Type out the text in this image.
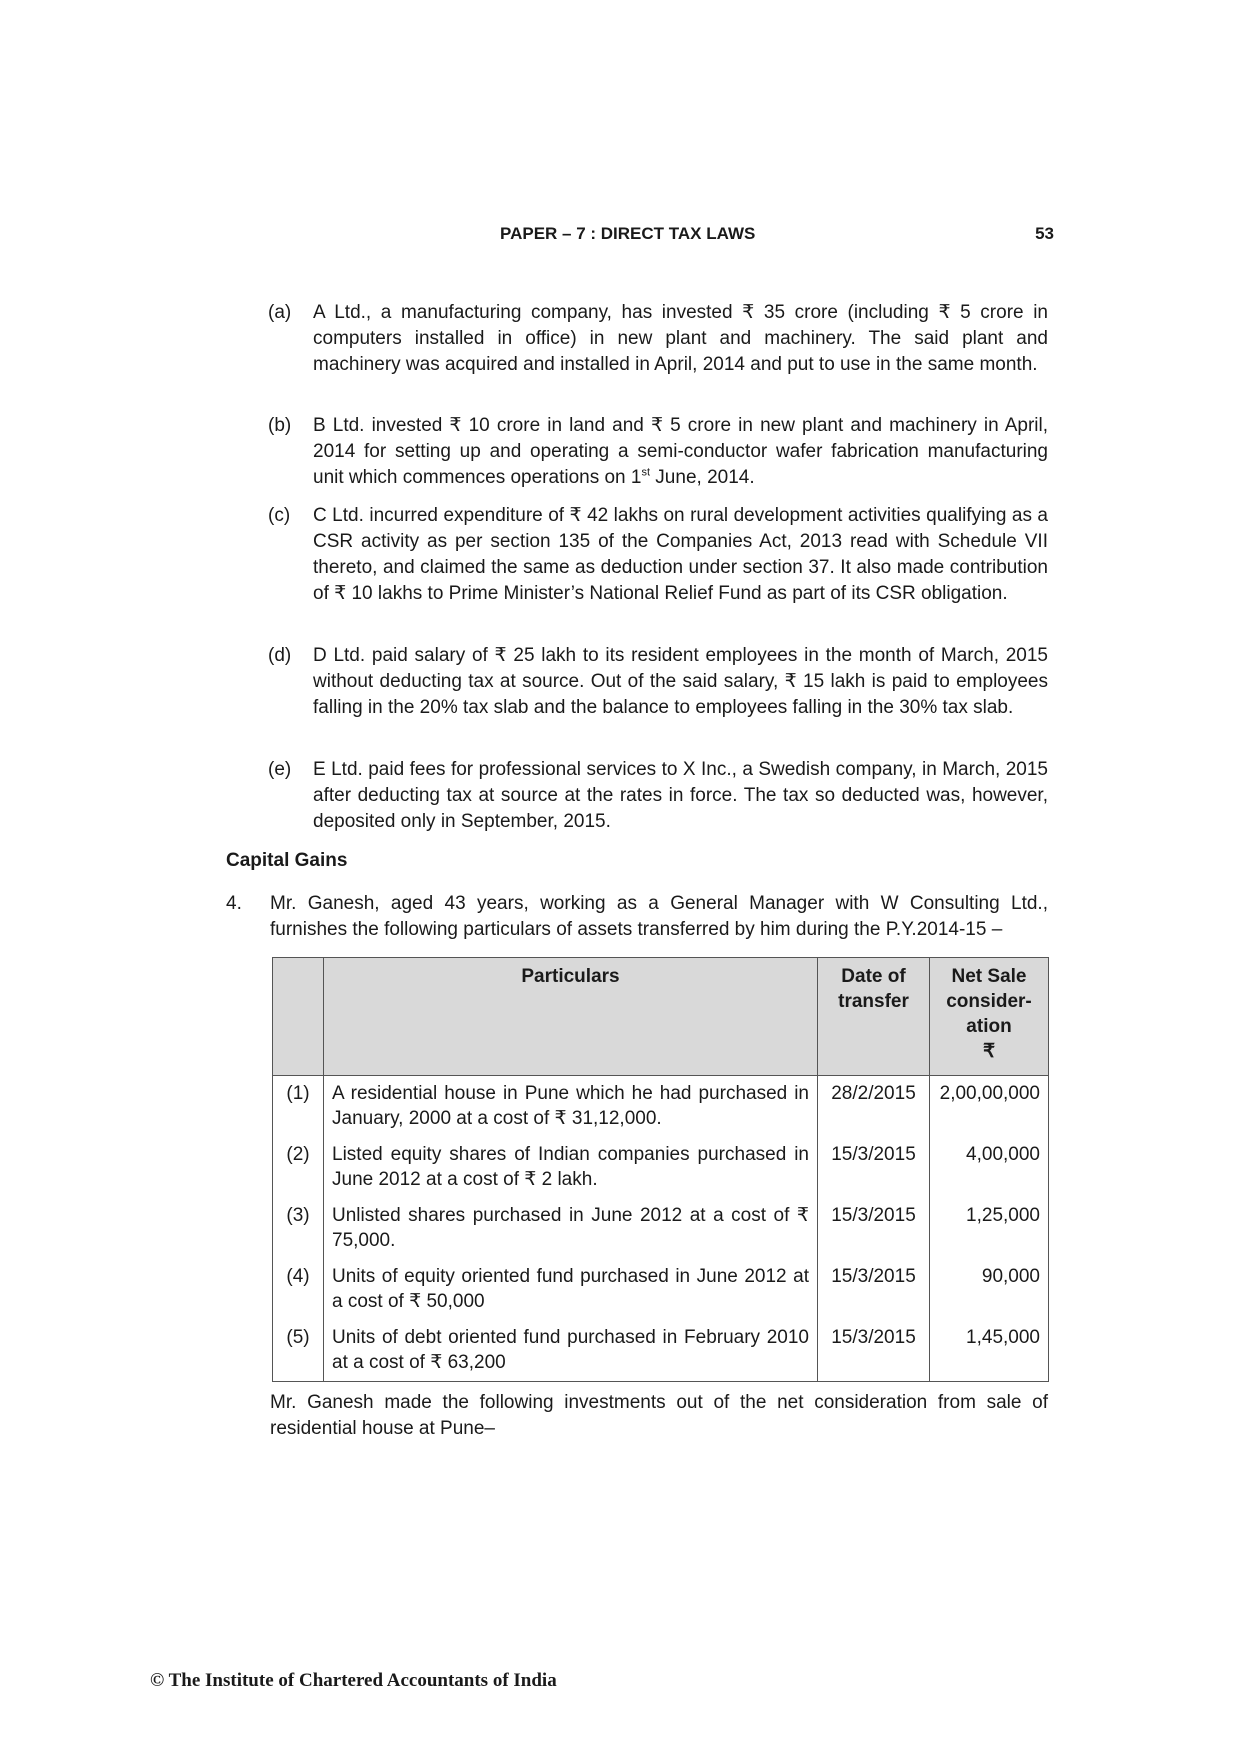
PAPER – 7 : DIRECT TAX LAWS	53
(a) A Ltd., a manufacturing company, has invested ₹ 35 crore (including ₹ 5 crore in computers installed in office) in new plant and machinery. The said plant and machinery was acquired and installed in April, 2014 and put to use in the same month.
(b) B Ltd. invested ₹ 10 crore in land and ₹ 5 crore in new plant and machinery in April, 2014 for setting up and operating a semi-conductor wafer fabrication manufacturing unit which commences operations on 1st June, 2014.
(c) C Ltd. incurred expenditure of ₹ 42 lakhs on rural development activities qualifying as a CSR activity as per section 135 of the Companies Act, 2013 read with Schedule VII thereto, and claimed the same as deduction under section 37. It also made contribution of ₹ 10 lakhs to Prime Minister’s National Relief Fund as part of its CSR obligation.
(d) D Ltd. paid salary of ₹ 25 lakh to its resident employees in the month of March, 2015 without deducting tax at source. Out of the said salary, ₹ 15 lakh is paid to employees falling in the 20% tax slab and the balance to employees falling in the 30% tax slab.
(e) E Ltd. paid fees for professional services to X Inc., a Swedish company, in March, 2015 after deducting tax at source at the rates in force. The tax so deducted was, however, deposited only in September, 2015.
Capital Gains
4. Mr. Ganesh, aged 43 years, working as a General Manager with W Consulting Ltd., furnishes the following particulars of assets transferred by him during the P.Y.2014-15 –
	Particulars	Date of transfer	Net Sale consider-ation
₹

(1)	A residential house in Pune which he had purchased in January, 2000 at a cost of ₹ 31,12,000.	28/2/2015	2,00,00,000
(2)	Listed equity shares of Indian companies purchased in June 2012 at a cost of ₹ 2 lakh.	15/3/2015	4,00,000
(3)	Unlisted shares purchased in June 2012 at a cost of ₹ 75,000.	15/3/2015	1,25,000
(4)	Units of equity oriented fund purchased in June 2012 at a cost of ₹ 50,000	15/3/2015	90,000
(5)	Units of debt oriented fund purchased in February 2010 at a cost of ₹ 63,200	15/3/2015	1,45,000
Mr. Ganesh made the following investments out of the net consideration from sale of residential house at Pune–
© The Institute of Chartered Accountants of India
